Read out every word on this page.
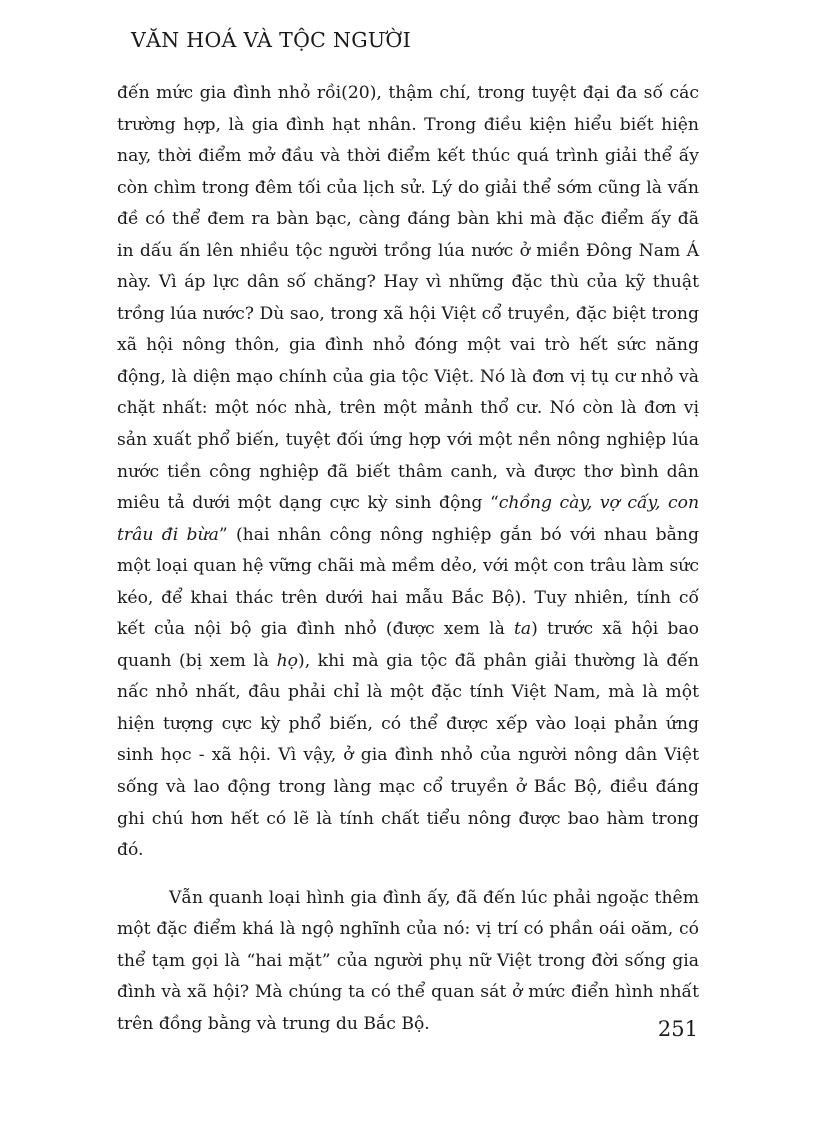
VĂN HOÁ VÀ TỘC NGƯỜI

đến mức gia đình nhỏ rồi(20), thậm chí, trong tuyệt đại đa số các trường hợp, là gia đình hạt nhân. Trong điều kiện hiểu biết hiện nay, thời điểm mở đầu và thời điểm kết thúc quá trình giải thể ấy còn chìm trong đêm tối của lịch sử. Lý do giải thể sớm cũng là vấn đề có thể đem ra bàn bạc, càng đáng bàn khi mà đặc điểm ấy đã in dấu ấn lên nhiều tộc người trồng lúa nước ở miền Đông Nam Á này. Vì áp lực dân số chăng? Hay vì những đặc thù của kỹ thuật trồng lúa nước? Dù sao, trong xã hội Việt cổ truyền, đặc biệt trong xã hội nông thôn, gia đình nhỏ đóng một vai trò hết sức năng động, là diện mạo chính của gia tộc Việt. Nó là đơn vị tụ cư nhỏ và chặt nhất: một nóc nhà, trên một mảnh thổ cư. Nó còn là đơn vị sản xuất phổ biến, tuyệt đối ứng hợp với một nền nông nghiệp lúa nước tiền công nghiệp đã biết thâm canh, và được thơ bình dân miêu tả dưới một dạng cực kỳ sinh động “chồng cày, vợ cấy, con trâu đi bừa” (hai nhân công nông nghiệp gắn bó với nhau bằng một loại quan hệ vững chãi mà mềm dẻo, với một con trâu làm sức kéo, để khai thác trên dưới hai mẫu Bắc Bộ). Tuy nhiên, tính cố kết của nội bộ gia đình nhỏ (được xem là ta) trước xã hội bao quanh (bị xem là họ), khi mà gia tộc đã phân giải thường là đến nấc nhỏ nhất, đâu phải chỉ là một đặc tính Việt Nam, mà là một hiện tượng cực kỳ phổ biến, có thể được xếp vào loại phản ứng sinh học - xã hội. Vì vậy, ở gia đình nhỏ của người nông dân Việt sống và lao động trong làng mạc cổ truyền ở Bắc Bộ, điều đáng ghi chú hơn hết có lẽ là tính chất tiểu nông được bao hàm trong đó.

Vẫn quanh loại hình gia đình ấy, đã đến lúc phải ngoặc thêm một đặc điểm khá là ngộ nghĩnh của nó: vị trí có phần oái oăm, có thể tạm gọi là “hai mặt” của người phụ nữ Việt trong đời sống gia đình và xã hội? Mà chúng ta có thể quan sát ở mức điển hình nhất trên đồng bằng và trung du Bắc Bộ.	251
